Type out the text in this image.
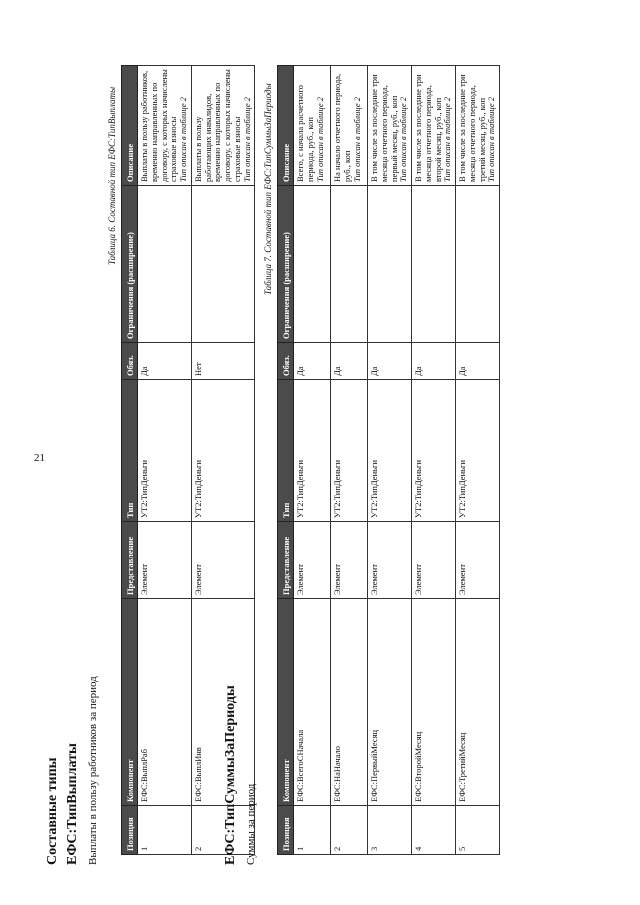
21
Составные типы ЕФС:ТипВыплаты Выплаты в пользу работников за период
Таблица 6. Составной тип ЕФС:ТипВыплаты
Позиция	Компонент	Представление	Тип	Обяз.	Ограничения (расширение)	Описание
1	ЕФС:ВыплРаб	Элемент	УТ2:ТипДеньги	Да		Выплаты в пользу работников, временно направленных по договору, с которых начислены страховые взносы
Тип описан в таблице 2
2	ЕФС:ВыплИнв	Элемент	УТ2:ТипДеньги	Нет		Выплаты в пользу работающих инвалидов, временно направленных по договору, с которых начислены страховые взносы
Тип описан в таблице 2
ЕФС:ТипСуммыЗаПериоды Суммы за период
Таблица 7. Составной тип ЕФС:ТипСуммыЗаПериоды
Позиция	Компонент	Представление	Тип	Обяз.	Ограничения (расширение)	Описание
1	ЕФС:ВсегоСНачала	Элемент	УТ2:ТипДеньги	Да		Всего, с начала расчетного периода, руб., коп
Тип описан в таблице 2
2	ЕФС:НаНачало	Элемент	УТ2:ТипДеньги	Да		На начало отчетного периода, руб., коп
Тип описан в таблице 2
3	ЕФС:ПервыйМесяц	Элемент	УТ2:ТипДеньги	Да		В том числе за последние три месяца отчетного периода, первый месяц, руб., коп
Тип описан в таблице 2
4	ЕФС:ВторойМесяц	Элемент	УТ2:ТипДеньги	Да		В том числе за последние три месяца отчетного периода, второй месяц, руб., коп
Тип описан в таблице 2
5	ЕФС:ТретийМесяц	Элемент	УТ2:ТипДеньги	Да		В том числе за последние три месяца отчетного периода, третий месяц, руб., коп
Тип описан в таблице 2
